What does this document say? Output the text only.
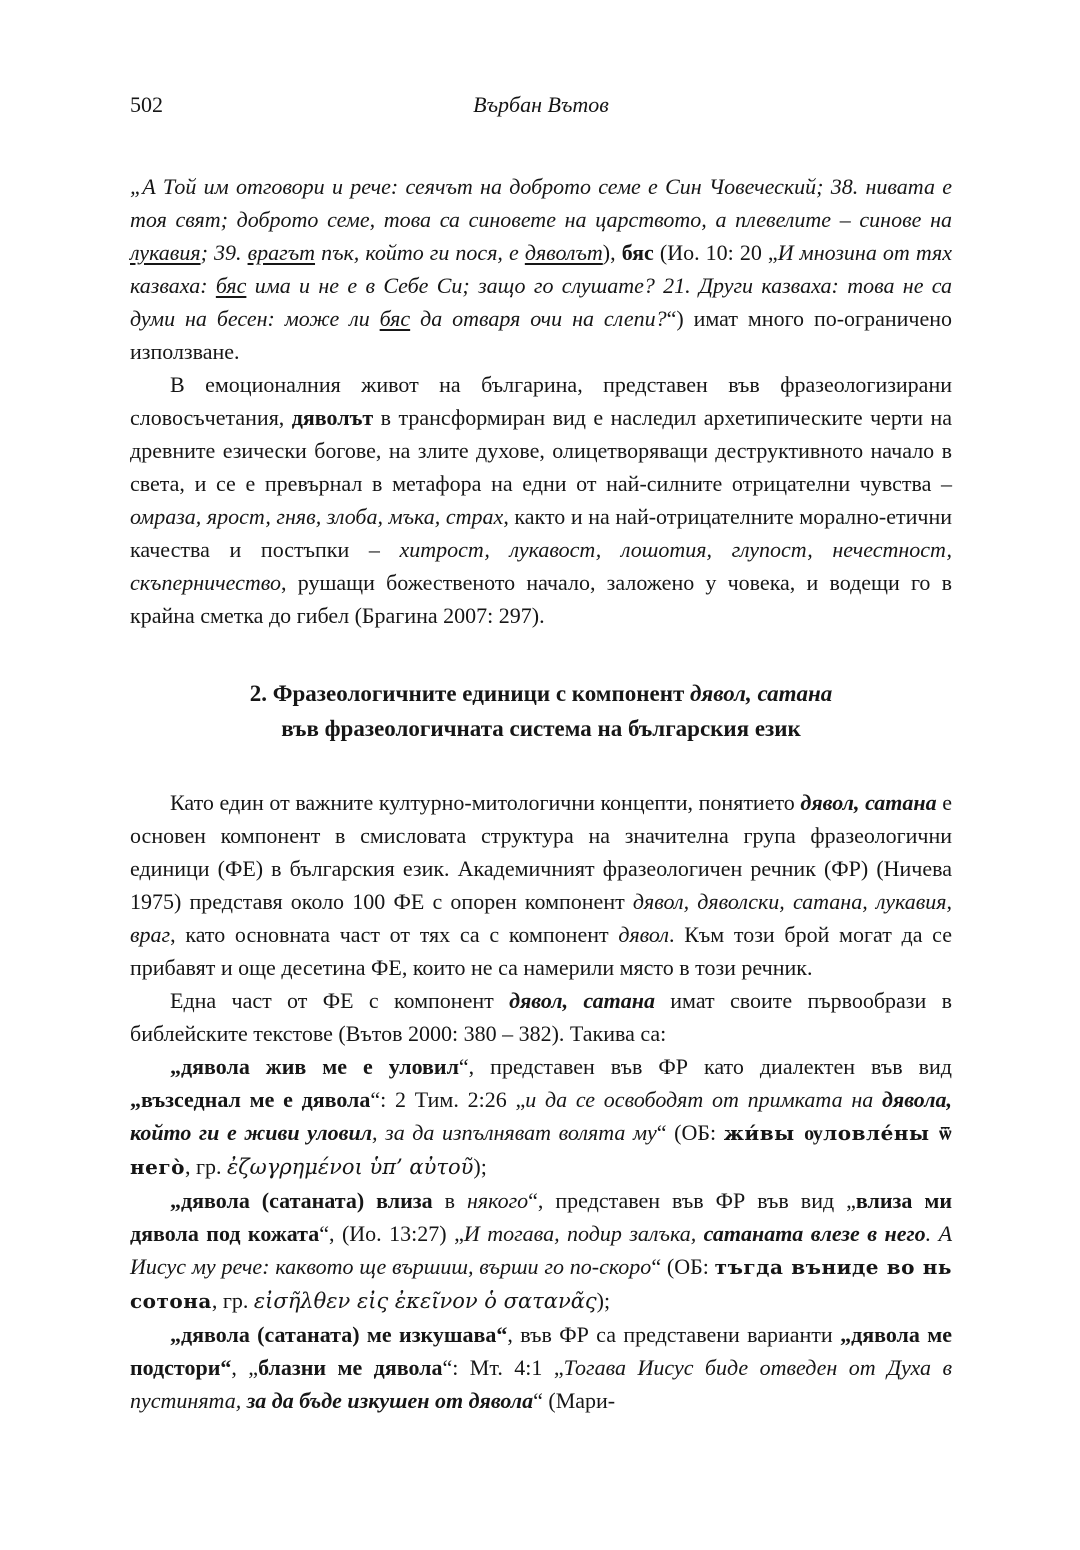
502	Върбан Вътов

„А Той им отговори и рече: сеячът на доброто семе е Син Човеческий; 38. нивата е тоя свят; доброто семе, това са синовете на царството, а плевелите – синове на лукавия; 39. врагът пък, който ги пося, е дяволът), бяс (Ио. 10: 20 „И мнозина от тях казваха: бяс има и не е в Себе Си; защо го слушате? 21. Други казваха: това не са думи на бесен: може ли бяс да отваря очи на слепи?“) имат много по-ограничено използване.

В емоционалния живот на българина, представен във фразеологизирани словосъчетания, дяволът в трансформиран вид е наследил архетипическите черти на древните езически богове, на злите духове, олицетворяващи деструктивното начало в света, и се е превърнал в метафора на едни от най-силните отрицателни чувства – омраза, ярост, гняв, злоба, мъка, страх, както и на най-отрицателните морално-етични качества и постъпки – хитрост, лукавост, лошотия, глупост, нечестност, скъперничество, рушащи божественото начало, заложено у човека, и водещи го в крайна сметка до гибел (Брагина 2007: 297).

2. Фразеологичните единици с компонент дявол, сатана
във фразеологичната система на българския език

Като един от важните културно-митологични концепти, понятието дявол, сатана е основен компонент в смисловата структура на значителна група фразеологични единици (ФЕ) в българския език. Академичният фразеологичен речник (ФР) (Ничева 1975) представя около 100 ФЕ с опорен компонент дявол, дяволски, сатана, лукавия, враг, като основната част от тях са с компонент дявол. Към този брой могат да се прибавят и още десетина ФЕ, които не са намерили място в този речник.

Една част от ФЕ с компонент дявол, сатана имат своите първообрази в библейските текстове (Вътов 2000: 380 – 382). Такива са:

„дявола жив ме е уловил“, представен във ФР като диалектен във вид „възседнал ме е дявола“: 2 Тим. 2:26 „и да се освободят от примката на дявола, който ги е живи уловил, за да изпълняват волята му“ (ОБ: жи́вы ѹловле́ны ѿ него̀, гр. ἐζωγρημένοι ὑπ’ αὐτοῦ);

„дявола (сатаната) влиза в някого“, представен във ФР във вид „влиза ми дявола под кожата“, (Ио. 13:27) „И тогава, подир залъка, сатаната влезе в него. А Иисус му рече: каквото ще вършиш, върши го по-скоро“ (ОБ: тъгда въниде во нь сотона, гр. εἰσῆλθεν εἰς ἐκεῖνον ὁ σατανᾶς);

„дявола (сатаната) ме изкушава“, във ФР са представени варианти „дявола ме подстори“, „блазни ме дявола“: Мт. 4:1 „Тогава Иисус биде отведен от Духа в пустинята, за да бъде изкушен от дявола“ (Мари-
